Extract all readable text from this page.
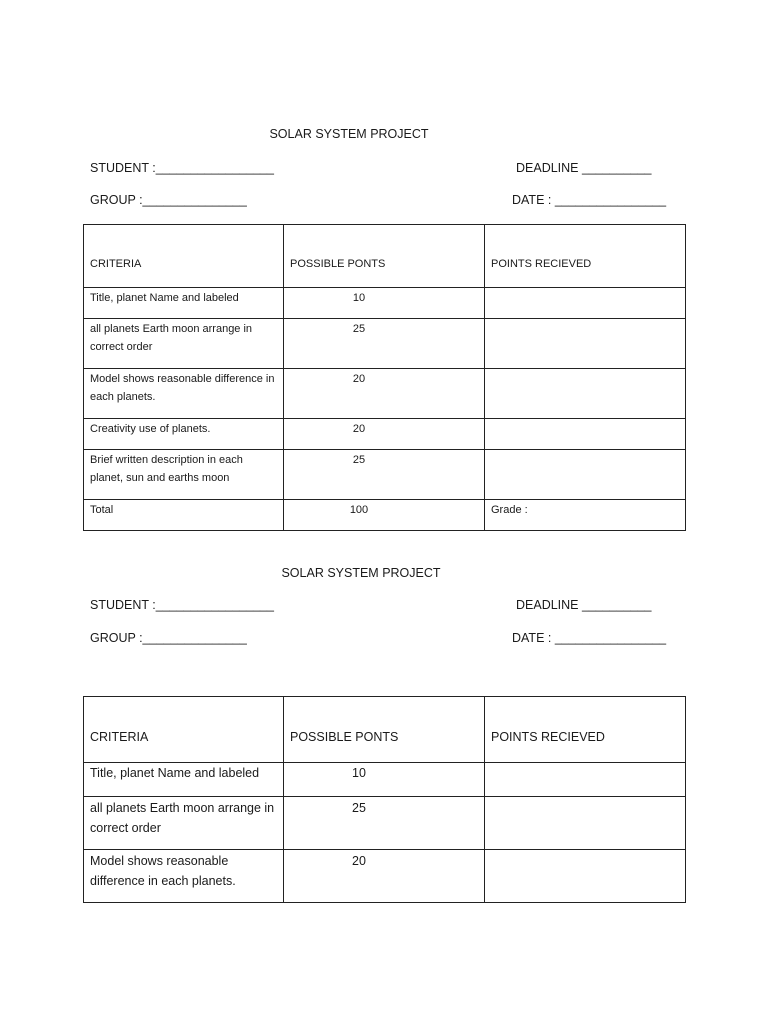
SOLAR SYSTEM PROJECT
STUDENT :_________________	DEADLINE __________
GROUP :_______________	DATE : ________________
CRITERIA	POSSIBLE PONTS	POINTS RECIEVED
Title, planet Name and labeled	10	
all planets Earth moon arrange in correct order	25	
Model shows reasonable difference in each planets.	20	
Creativity use of planets.	20	
Brief written description in each planet, sun and earths moon	25	
Total	100	Grade :
SOLAR SYSTEM PROJECT
STUDENT :_________________	DEADLINE __________
GROUP :_______________	DATE : ________________
CRITERIA	POSSIBLE PONTS	POINTS RECIEVED
Title, planet Name and labeled	10	
all planets Earth moon arrange in correct order	25	
Model shows reasonable difference in each planets.	20	
